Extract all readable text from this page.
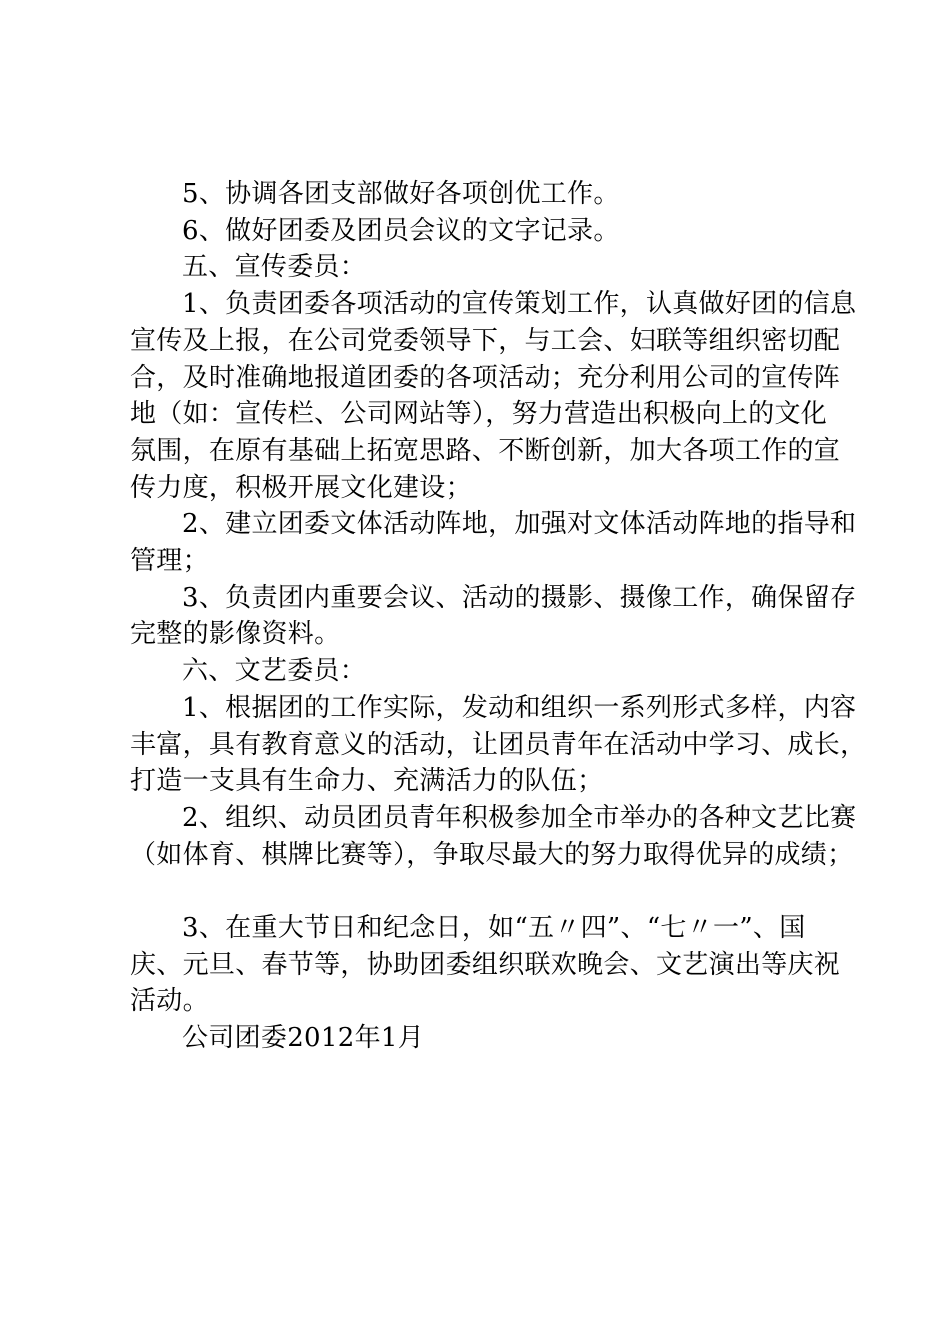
5、协调各团支部做好各项创优工作。

6、做好团委及团员会议的文字记录。

五、宣传委员：

1、负责团委各项活动的宣传策划工作，认真做好团的信息
宣传及上报，在公司党委领导下，与工会、妇联等组织密切配
合，及时准确地报道团委的各项活动；充分利用公司的宣传阵
地（如：宣传栏、公司网站等），努力营造出积极向上的文化
氛围，在原有基础上拓宽思路、不断创新，加大各项工作的宣
传力度，积极开展文化建设；

2、建立团委文体活动阵地，加强对文体活动阵地的指导和
管理；

3、负责团内重要会议、活动的摄影、摄像工作，确保留存
完整的影像资料。

六、文艺委员：

1、根据团的工作实际，发动和组织一系列形式多样，内容
丰富，具有教育意义的活动，让团员青年在活动中学习、成长，
打造一支具有生命力、充满活力的队伍；

2、组织、动员团员青年积极参加全市举办的各种文艺比赛
（如体育、棋牌比赛等），争取尽最大的努力取得优异的成绩；

3、在重大节日和纪念日，如“五〃四”、“七〃一”、国
庆、元旦、春节等，协助团委组织联欢晚会、文艺演出等庆祝
活动。

公司团委2012年1月
